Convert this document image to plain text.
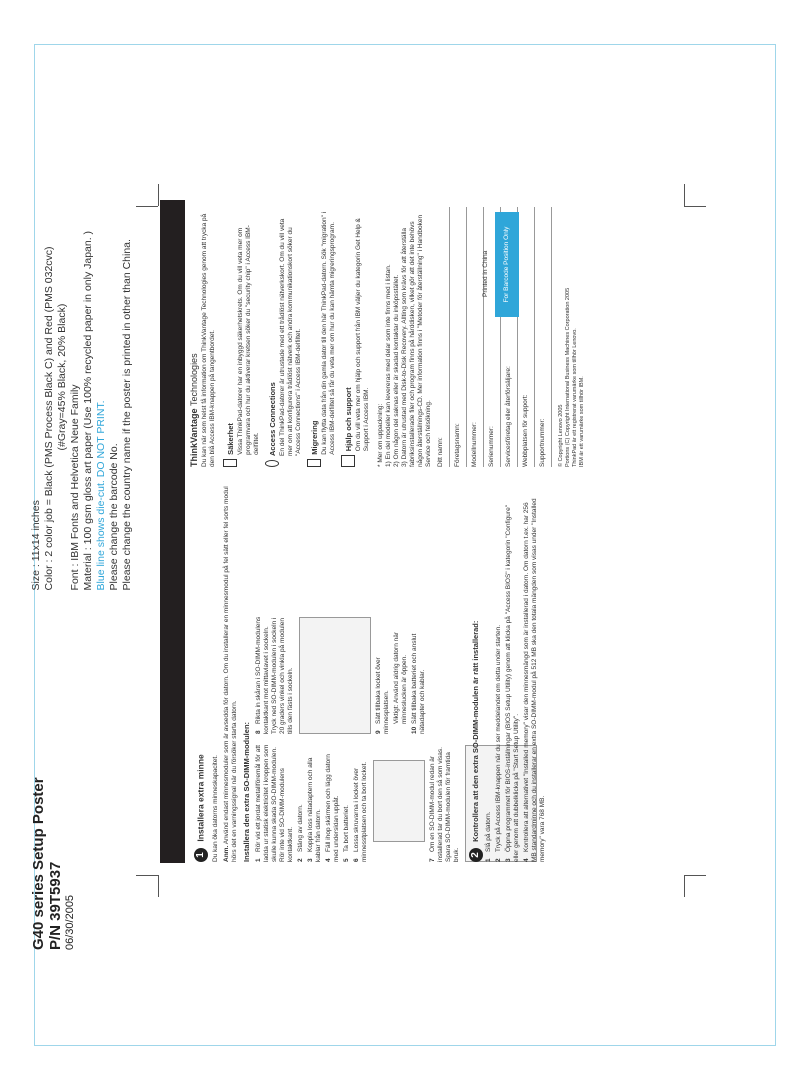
G40 series Setup Poster P/N 39T5937 06/30/2005
Size : 11x14 inches Color : 2 color job = Black (PMS Process Black C) and Red (PMS 032cvc) (#Gray=45% Black, 20% Black)
Font : IBM Fonts and Helvetica Neue Family Material : 100 gsm gloss art paper (Use 100% recycled paper in only Japan. ) Blue line shows die-cut. DO NOT PRINT. Please change the barcode No. Please change the country name if the poster is printed in other than China.
1 Installera extra minne	Du kan öka datorns minneskapacitet. Anm. Använd endast minnesmoduler som är avsedda för datorn. Om du installerar en minnesmodul på fel sätt eller fel sorts modul hörs det en varningssignal när du försöker starta datorn. Installera den extra SO-DIMM-modulen: 1Rör vid ett jordat metallföremål för att ladda ur statisk elektricitet i kroppen som skulle kunna skada SO-DIMM-modulen. Rör inte vid SO-DIMM-modulens kontaktkant. 2Stäng av datorn.
3Koppla loss nätadaptern och alla kablar från datorn. 4Fäll ihop skärmen och lägg datorn med undersidan uppåt. 5Ta bort batteriet.
6Lossa skruvarna i locket över minnesstplatsen och ta bort locket.	7Om en SO-DIMM-modul redan är installerad tar du bort den så som visas. Spara SO-DIMM-modulen för framtida bruk.
8Rikta in skåran i SO-DIMM-modulens kontaktkant mot mittavlavet i sockeln. Tryck ned SO-DIMM-modulen i sockeln i 20 graders vinkel och vinkla på modulen tills den fästs i sockeln.	9Sätt tillbaka locket över minnesplatsen. Viktigt: Använd aldrig datorn när minneslucken är öppen.
10Sätt tillbaka batteriet och anslut nätadapter och kablar.
2 Kontrollera att den extra SO-DIMM-modulen är rätt installerad:
1Slå på datorn.
2Tryck på Access IBM-knappen när du ser meddelandet om detta under starten.
3Öppna programmet för BIOS-inställningar (BIOS Setup Utility) genom att klicka på "Access BIOS" i kategorin "Configure" eller genom att dubbelklicka på "Start Setup Utility". 4Kontrollera att alternativet "Installed memory" visar den minnesmängd som är installerad i datorn. Om datorn t.ex. har 256 MB standardminne och du installerar en extra SO-DIMM-modul på 512 MB ska den totala mängden som visas under "Installed memory" vara 768 MB.
ThinkVantage Technologies Du kan när som helst få information om ThinkVantage Technologies genom att trycka på den blå Access IBM-knappen på tangentbordet. Säkerhet Vissa ThinkPad-datorer har en inbyggd säkerhetskrets. Om du vill veta mer om programvara och hur du aktiverar kretsen söker du "security chip" i Access IBM-delfiltet. Access Connections En del ThinkPad-datorer är utrustade med ett trådlöst nätverkskort. Om du vill veta mer om att konfigurera trådlöst nätverk och andra kommunikationskort söker du "Access Connections" i Access IBM-delfiltet. Migrering Du kan flytta data från din gamla dator till den här ThinkPad-datorn. Sök "migration" i Access IBM-delfiltet så får du veta mer om hur du kan hämta migreringsprogram. Hjälp och support Om du vill veta mer om hjälp och support från IBM väljer du kategorin Get Help & Support i Access IBM. * Mer om uppackning: 1) En del modeller kan levereras med delar som inte finns med i listan. 2) Om någon del saknas eller är skadad kontaktar du inköpsstället. 3) Datorn är utrustad med Disk-to-Disk Recovery. Allting som krävs för att återställa fabriksinstallerade filer och program finns på hårddisken, vilket gör att det inte behövs någon återställnings-CD. Mer information finns i "Metoder för återställning" i Handboken Service och felsökning. Ditt namn:	Företagsnamn:	Modellnummer:	Serienummer:	Servicesföretag eller återförsäljare:	Webbplatsen för support:	Supportnummer:	© Copyright Lenovo 2005 Portions (C) Copyright International Business Machines Corporation 2005 ThinkPad är ett registrerat varumärke som tillhör Lenovo. IBM är ett varumärke som tillhör IBM.
Printed in China	For Barcode Position Only
